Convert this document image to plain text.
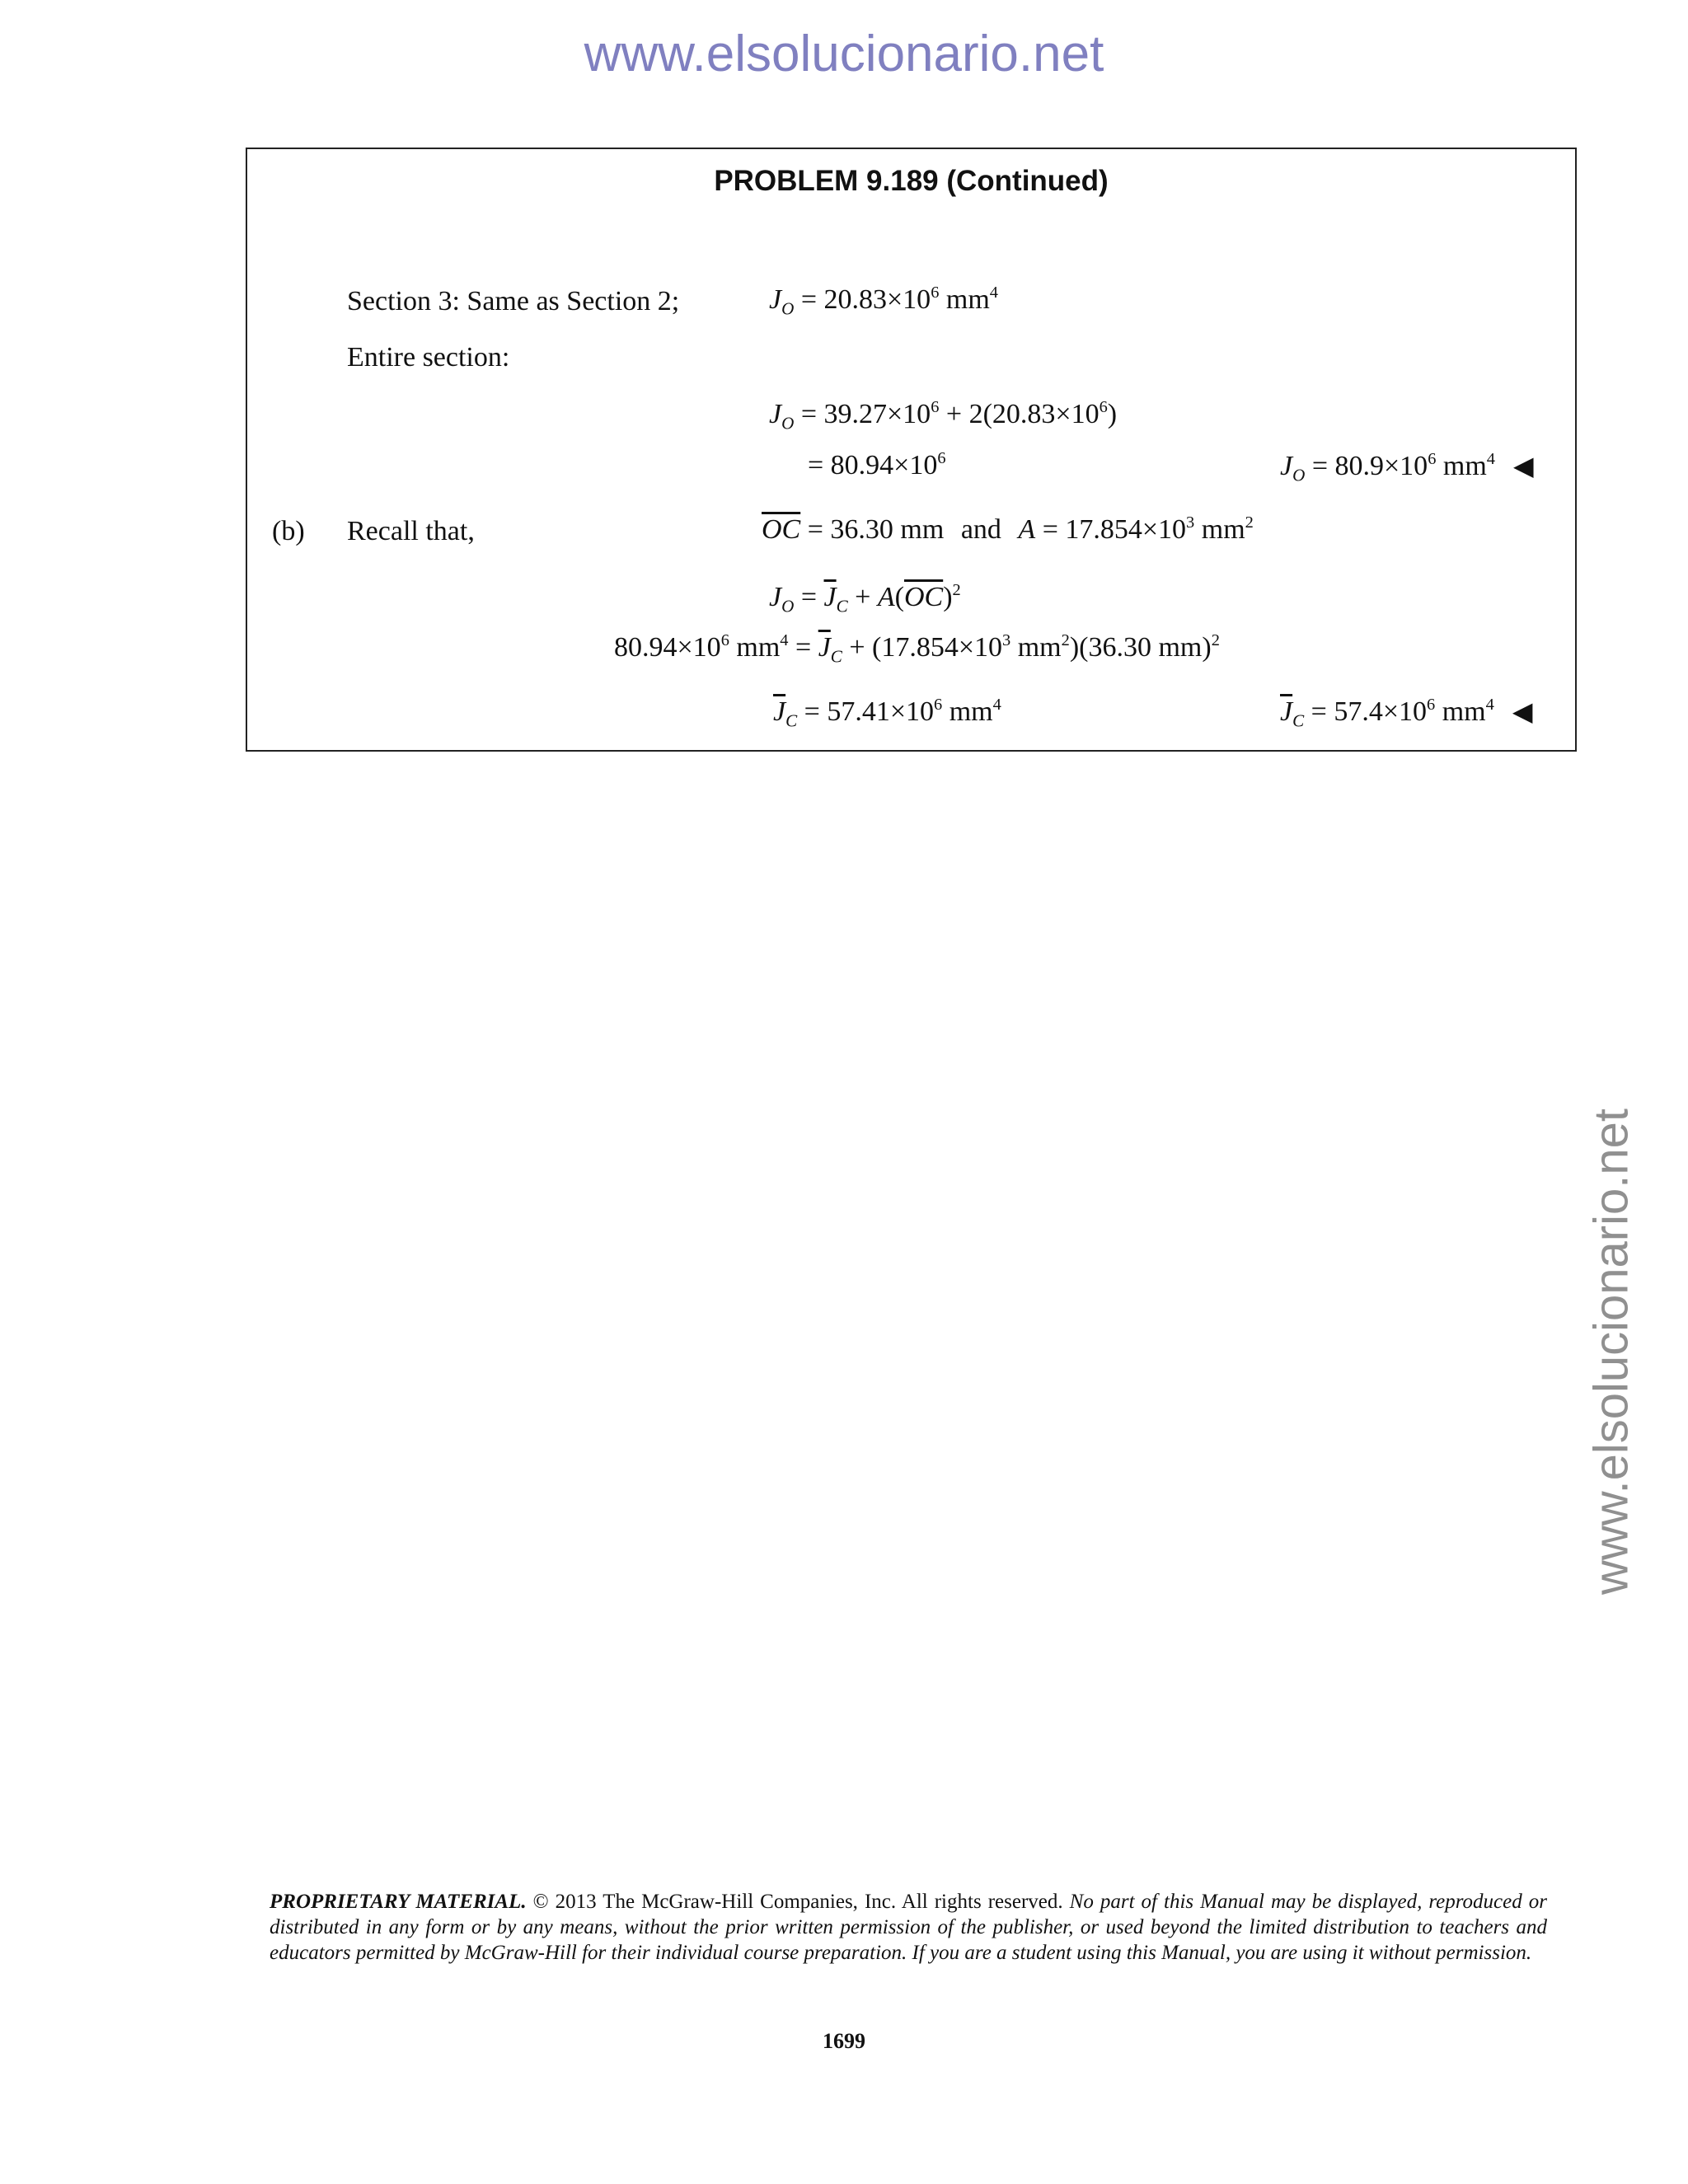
www.elsolucionario.net
www.elsolucionario.net
PROBLEM 9.189 (Continued)
Section 3: Same as Section 2;	$J_O = 20.83\times 10^6$ $mm^4$
Entire section:
$J_O = 39.27\times 10^6 + 2(20.83\times 10^6)$
= $80.94\times 10^6$	$J_O = 80.9\times 10^6$ $mm^4$ ◀
(b) Recall that,	$\overline{OC} = 36.30$ mm and $A = 17.854\times 10^3$ $mm^2$
$J_O = \overline{J}_C + A(\overline{OC})^2$
$80.94\times 10^6$ $mm^4 = \overline{J}_C + (17.854\times 10^3$ $mm^2)(36.30$ mm)$^2$
$\overline{J}_C = 57.41\times 10^6$ $mm^4$	$\overline{J}_C = 57.4\times 10^6$ $mm^4$ ◀
PROPRIETARY MATERIAL. © 2013 The McGraw-Hill Companies, Inc. All rights reserved. No part of this Manual may be displayed, reproduced or distributed in any form or by any means, without the prior written permission of the publisher, or used beyond the limited distribution to teachers and educators permitted by McGraw-Hill for their individual course preparation. If you are a student using this Manual, you are using it without permission.
1699
